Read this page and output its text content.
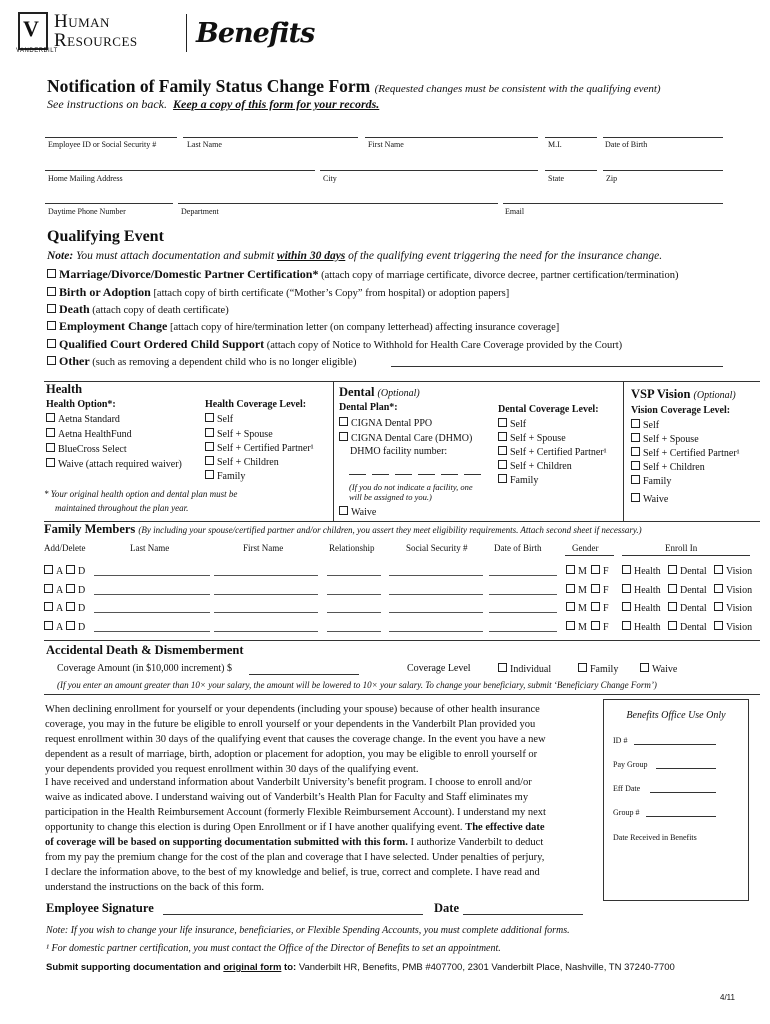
V
VANDERBILT
Human
Resources Benefits
Notification of Family Status Change Form (Requested changes must be consistent with the qualifying event)
See instructions on back. Keep a copy of this form for your records.
Employee ID or Social Security #	Last Name	First Name	M.I.	Date of Birth
Home Mailing Address	City	State	Zip
Daytime Phone Number	Department	Email
Qualifying Event
Note: You must attach documentation and submit within 30 days of the qualifying event triggering the need for the insurance change.
Marriage/Divorce/Domestic Partner Certification* (attach copy of marriage certificate, divorce decree, partner certification/termination)
Birth or Adoption [attach copy of birth certificate (“Mother’s Copy” from hospital) or adoption papers]
Death (attach copy of death certificate)
Employment Change [attach copy of hire/termination letter (on company letterhead) affecting insurance coverage]
Qualified Court Ordered Child Support (attach copy of Notice to Withhold for Health Care Coverage provided by the Court)
Other (such as removing a dependent child who is no longer eligible)
Health
Health Option*:
Aetna Standard
Aetna HealthFund
BlueCross Select
Waive (attach required waiver)
Health Coverage Level:
Self
Self + Spouse
Self + Certified Partner¹
Self + Children
Family
* Your original health option and dental plan must be
maintained throughout the plan year.
Dental (Optional)
Dental Plan*:
CIGNA Dental PPO
CIGNA Dental Care (DHMO)
DHMO facility number:
(If you do not indicate a facility, one
will be assigned to you.)
Waive
Dental Coverage Level:
Self
Self + Spouse
Self + Certified Partner¹
Self + Children
Family
VSP Vision (Optional)
Vision Coverage Level:
Self
Self + Spouse
Self + Certified Partner¹
Self + Children
Family
Waive
Family Members (By including your spouse/certified partner and/or children, you assert they meet eligibility requirements. Attach second sheet if necessary.)
Add/Delete	Last Name	First Name	Relationship	Social Security #	Date of Birth	Gender	Enroll In
A	D	M	F	Health	Dental	Vision
A	D	M	F	Health	Dental	Vision
A	D	M	F	Health	Dental	Vision
A	D	M	F	Health	Dental	Vision
Accidental Death & Dismemberment
Coverage Amount (in $10,000 increment) $	Coverage Level	Individual	Family	Waive
(If you enter an amount greater than 10× your salary, the amount will be lowered to 10× your salary. To change your beneficiary, submit ‘Beneficiary Change Form’)
When declining enrollment for yourself or your dependents (including your spouse) because of other health insurance
coverage, you may in the future be eligible to enroll yourself or your dependents in the Vanderbilt Plan provided you
request enrollment within 30 days of the qualifying event that causes the coverage change. In the event you have a new
dependent as a result of marriage, birth, adoption or placement for adoption, you may be eligible to enroll yourself or
your dependents provided you request enrollment within 30 days of the qualifying event.
I have received and understand information about Vanderbilt University’s benefit program. I choose to enroll and/or
waive as indicated above. I understand waiving out of Vanderbilt’s Health Plan for Faculty and Staff eliminates my
participation in the Health Reimbursement Account (formerly Flexible Reimbursement Account). I understand my next
opportunity to change this election is during Open Enrollment or if I have another qualifying event. The effective date
of coverage will be based on supporting documentation submitted with this form. I authorize Vanderbilt to deduct
from my pay the premium change for the cost of the plan and coverage that I have selected. Under penalties of perjury,
I declare the information above, to the best of my knowledge and belief, is true, correct and complete. I have read and
understand the instructions on the back of this form.
Benefits Office Use Only
ID #
Pay Group
Eff Date
Group #
Date Received in Benefits
Employee Signature	Date
Note: If you wish to change your life insurance, beneficiaries, or Flexible Spending Accounts, you must complete additional forms.
¹ For domestic partner certification, you must contact the Office of the Director of Benefits to set an appointment.
Submit supporting documentation and original form to: Vanderbilt HR, Benefits, PMB #407700, 2301 Vanderbilt Place, Nashville, TN 37240-7700
4/11
